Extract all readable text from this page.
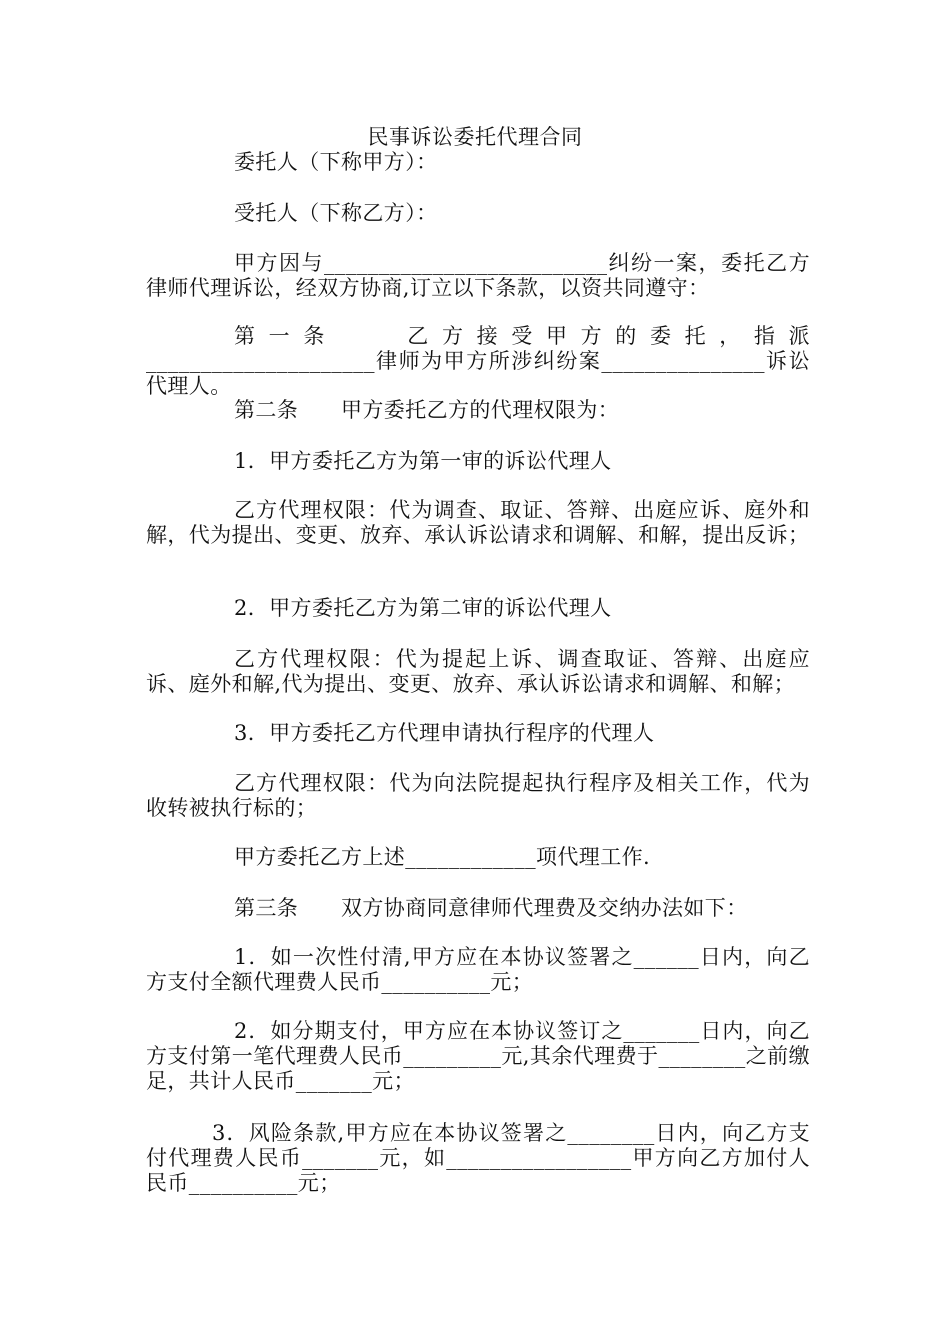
民事诉讼委托代理合同

委托人（下称甲方）：

受托人（下称乙方）：

甲方因与__________________________纠纷一案，委托乙方律师代理诉讼，经双方协商,订立以下条款，以资共同遵守：

第一条　　乙方接受甲方的委托，指派_____________________律师为甲方所涉纠纷案_______________诉讼代理人。

第二条　　甲方委托乙方的代理权限为：

1．甲方委托乙方为第一审的诉讼代理人

乙方代理权限：代为调查、取证、答辩、出庭应诉、庭外和解，代为提出、变更、放弃、承认诉讼请求和调解、和解，提出反诉；

2．甲方委托乙方为第二审的诉讼代理人

乙方代理权限：代为提起上诉、调查取证、答辩、出庭应诉、庭外和解,代为提出、变更、放弃、承认诉讼请求和调解、和解；

3．甲方委托乙方代理申请执行程序的代理人

乙方代理权限：代为向法院提起执行程序及相关工作，代为收转被执行标的；

甲方委托乙方上述____________项代理工作.

第三条　　双方协商同意律师代理费及交纳办法如下：

1．如一次性付清,甲方应在本协议签署之______日内，向乙方支付全额代理费人民币__________元；

2．如分期支付，甲方应在本协议签订之_______日内，向乙方支付第一笔代理费人民币_________元,其余代理费于________之前缴足，共计人民币_______元；

3．风险条款,甲方应在本协议签署之________日内，向乙方支付代理费人民币_______元，如_________________甲方向乙方加付人民币__________元；
